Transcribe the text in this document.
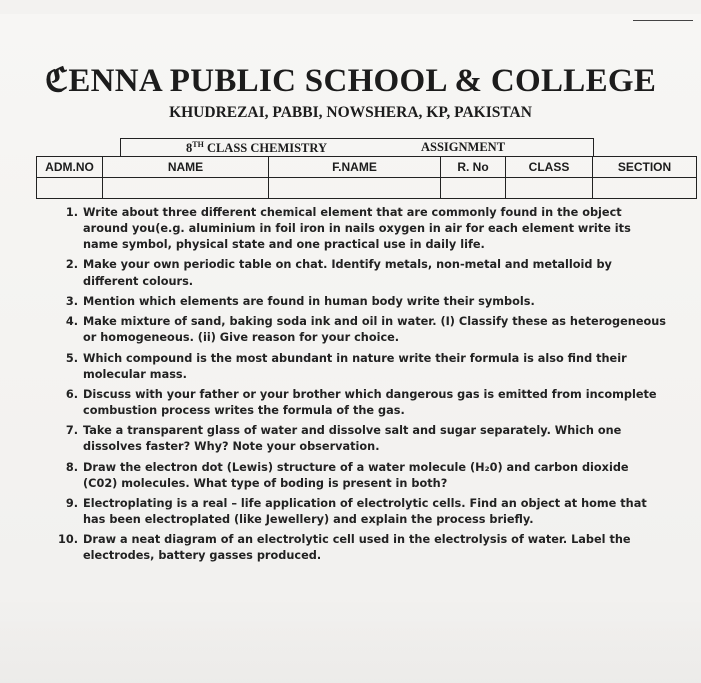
ℭENNA PUBLIC SCHOOL & COLLEGE
KHUDREZAI, PABBI, NOWSHERA, KP, PAKISTAN
8TH CLASS CHEMISTRY	ASSIGNMENT
ADM.NO	NAME	F.NAME	R. No	CLASS	SECTION

1. Write about three different chemical element that are commonly found in the object around you(e.g. aluminium in foil iron in nails oxygen in air for each element write its name symbol, physical state and one practical use in daily life.
2. Make your own periodic table on chat. Identify metals, non-metal and metalloid by different colours.
3. Mention which elements are found in human body write their symbols.
4. Make mixture of sand, baking soda ink and oil in water. (I) Classify these as heterogeneous or homogeneous. (ii) Give reason for your choice.
5. Which compound is the most abundant in nature write their formula is also find their molecular mass.
6. Discuss with your father or your brother which dangerous gas is emitted from incomplete combustion process writes the formula of the gas.
7. Take a transparent glass of water and dissolve salt and sugar separately. Which one dissolves faster? Why? Note your observation.
8. Draw the electron dot (Lewis) structure of a water molecule (H₂0) and carbon dioxide (C02) molecules. What type of boding is present in both?
9. Electroplating is a real – life application of electrolytic cells. Find an object at home that has been electroplated (like Jewellery) and explain the process briefly.
10. Draw a neat diagram of an electrolytic cell used in the electrolysis of water. Label the electrodes, battery gasses produced.
